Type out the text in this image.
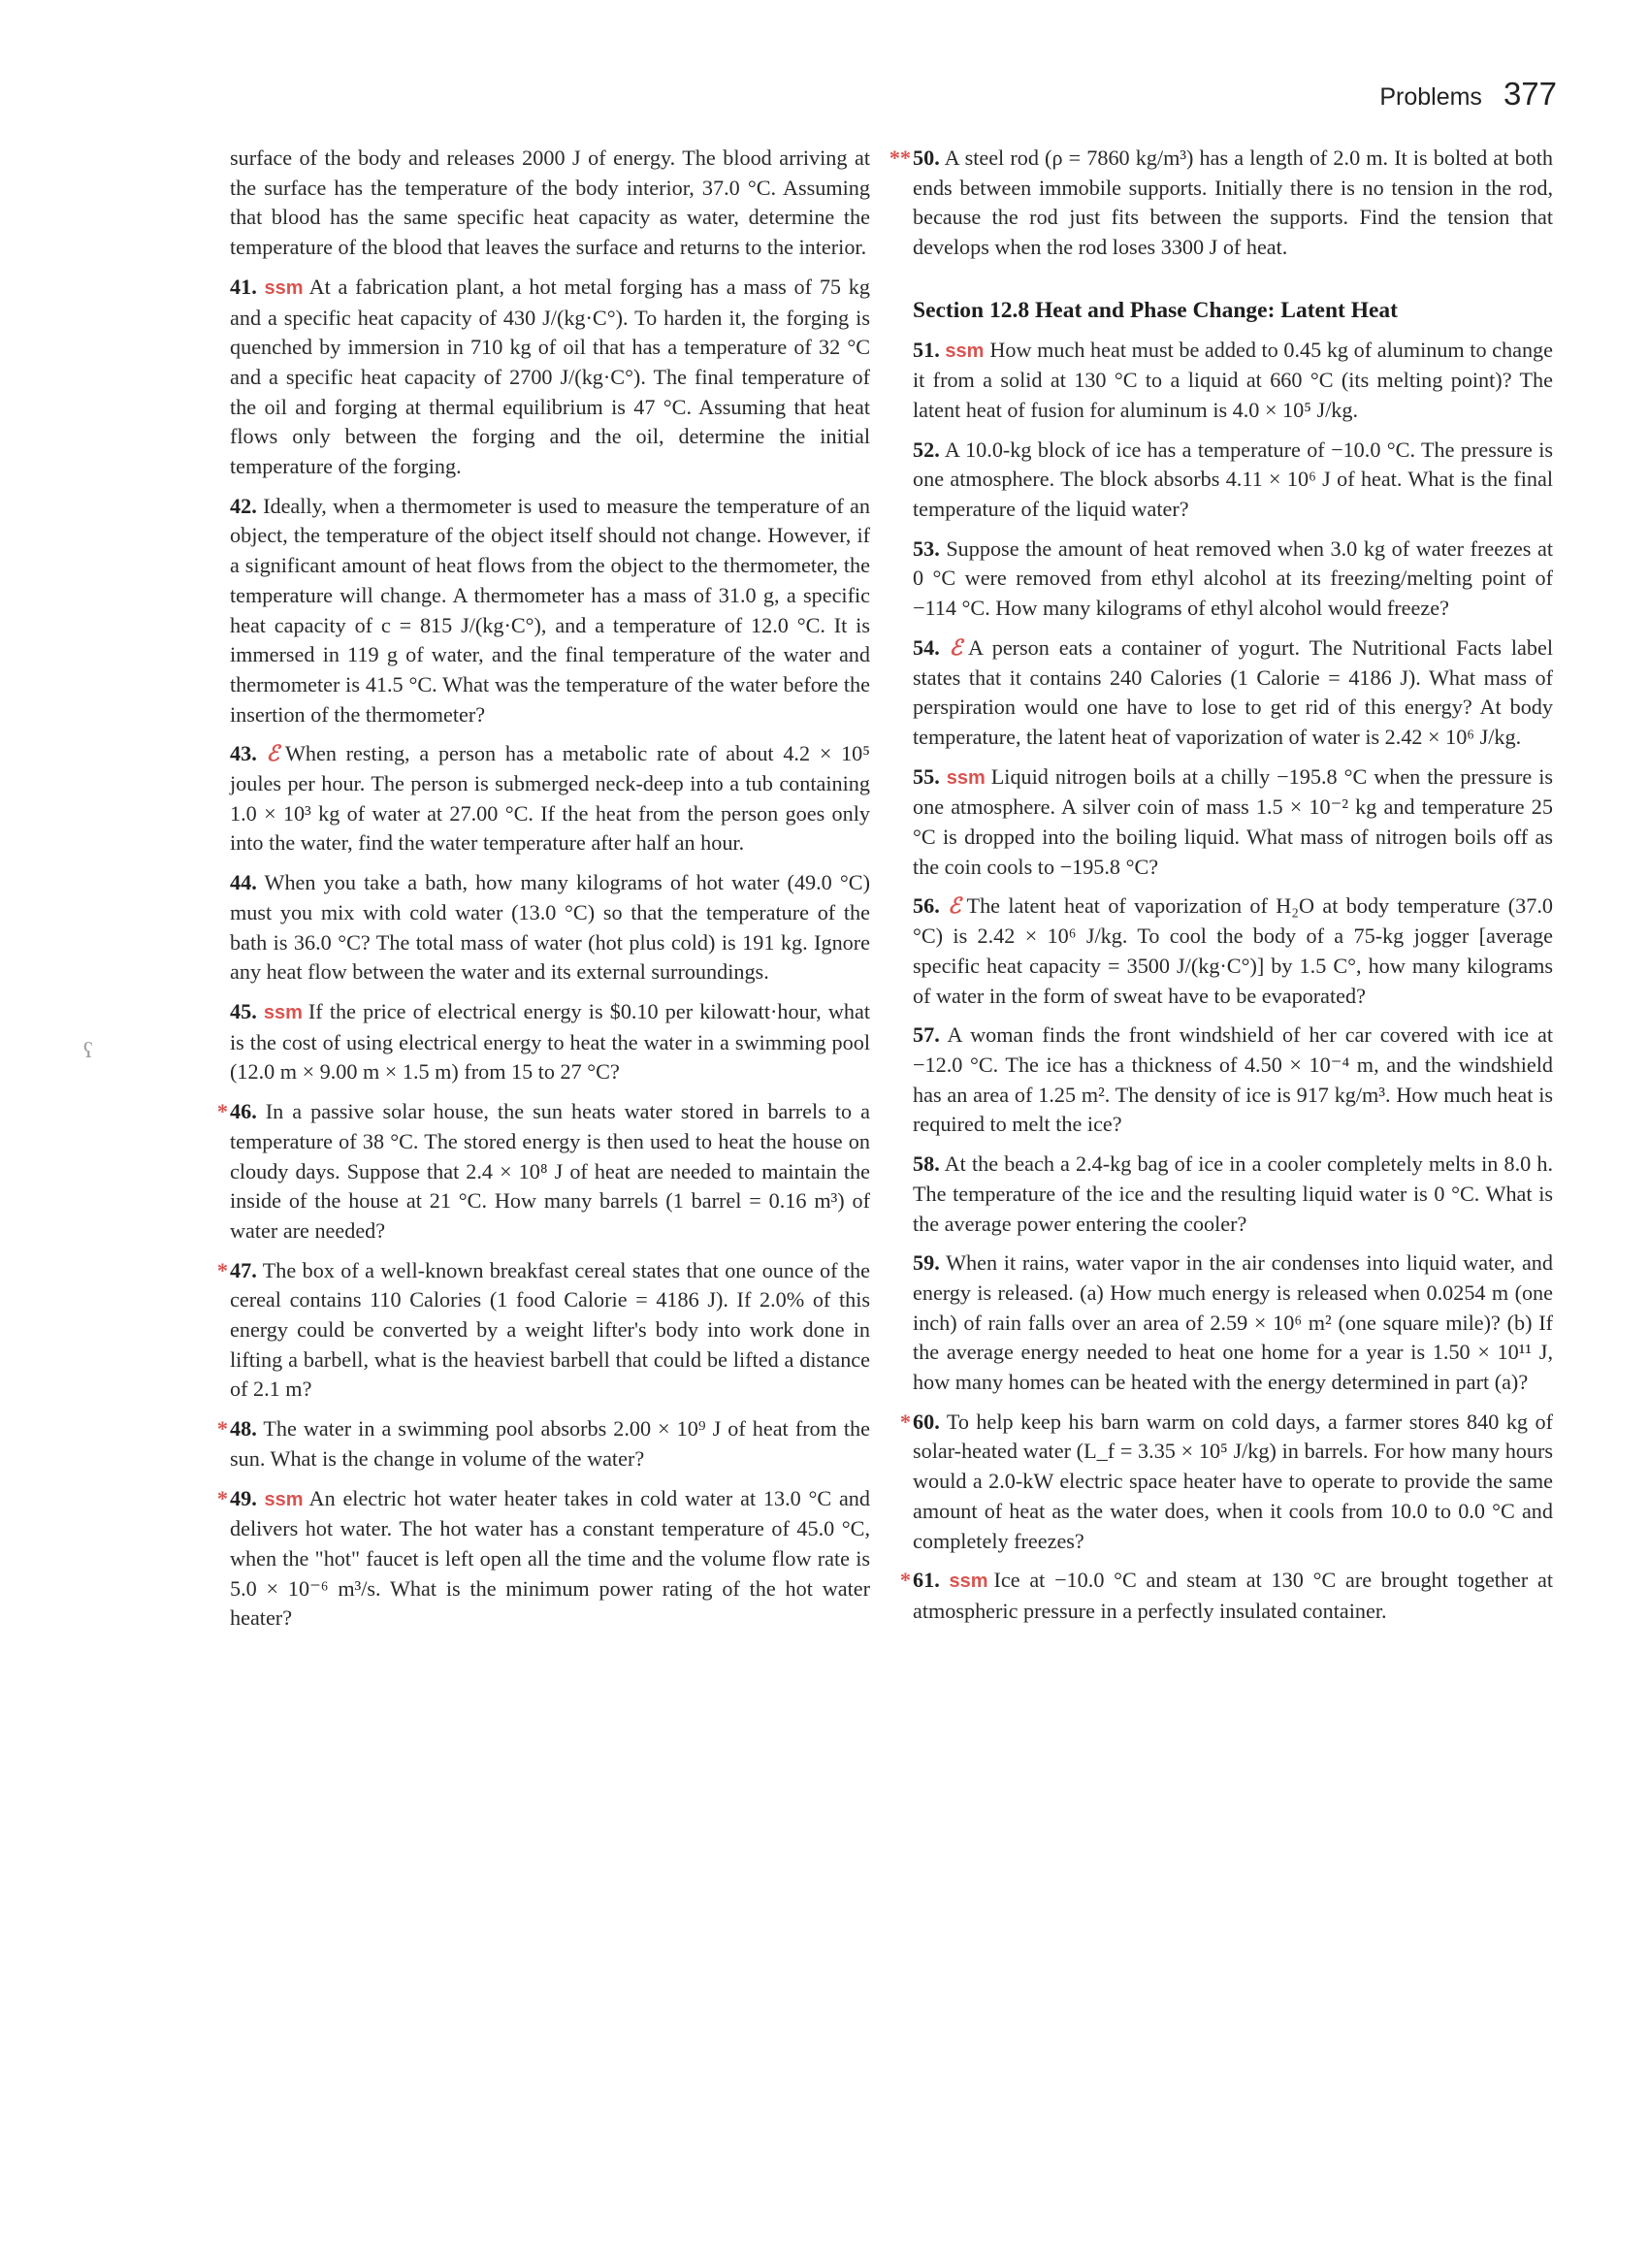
Problems 377
surface of the body and releases 2000 J of energy. The blood arriving at the surface has the temperature of the body interior, 37.0 °C. Assuming that blood has the same specific heat capacity as water, determine the temperature of the blood that leaves the surface and returns to the interior.
41. ssm At a fabrication plant, a hot metal forging has a mass of 75 kg and a specific heat capacity of 430 J/(kg·C°). To harden it, the forging is quenched by immersion in 710 kg of oil that has a temperature of 32 °C and a specific heat capacity of 2700 J/(kg·C°). The final temperature of the oil and forging at thermal equilibrium is 47 °C. Assuming that heat flows only between the forging and the oil, determine the initial temperature of the forging.
42. Ideally, when a thermometer is used to measure the temperature of an object, the temperature of the object itself should not change. However, if a significant amount of heat flows from the object to the thermometer, the temperature will change. A thermometer has a mass of 31.0 g, a specific heat capacity of c = 815 J/(kg·C°), and a temperature of 12.0 °C. It is immersed in 119 g of water, and the final temperature of the water and thermometer is 41.5 °C. What was the temperature of the water before the insertion of the thermometer?
43. ℰ When resting, a person has a metabolic rate of about 4.2 × 10⁵ joules per hour. The person is submerged neck-deep into a tub containing 1.0 × 10³ kg of water at 27.00 °C. If the heat from the person goes only into the water, find the water temperature after half an hour.
44. When you take a bath, how many kilograms of hot water (49.0 °C) must you mix with cold water (13.0 °C) so that the temperature of the bath is 36.0 °C? The total mass of water (hot plus cold) is 191 kg. Ignore any heat flow between the water and its external surroundings.
45. ssm If the price of electrical energy is $0.10 per kilowatt·hour, what is the cost of using electrical energy to heat the water in a swimming pool (12.0 m × 9.00 m × 1.5 m) from 15 to 27 °C?
* 46. In a passive solar house, the sun heats water stored in barrels to a temperature of 38 °C. The stored energy is then used to heat the house on cloudy days. Suppose that 2.4 × 10⁸ J of heat are needed to maintain the inside of the house at 21 °C. How many barrels (1 barrel = 0.16 m³) of water are needed?
* 47. The box of a well-known breakfast cereal states that one ounce of the cereal contains 110 Calories (1 food Calorie = 4186 J). If 2.0% of this energy could be converted by a weight lifter's body into work done in lifting a barbell, what is the heaviest barbell that could be lifted a distance of 2.1 m?
* 48. The water in a swimming pool absorbs 2.00 × 10⁹ J of heat from the sun. What is the change in volume of the water?
* 49. ssm An electric hot water heater takes in cold water at 13.0 °C and delivers hot water. The hot water has a constant temperature of 45.0 °C, when the "hot" faucet is left open all the time and the volume flow rate is 5.0 × 10⁻⁶ m³/s. What is the minimum power rating of the hot water heater?
** 50. A steel rod (ρ = 7860 kg/m³) has a length of 2.0 m. It is bolted at both ends between immobile supports. Initially there is no tension in the rod, because the rod just fits between the supports. Find the tension that develops when the rod loses 3300 J of heat.
Section 12.8 Heat and Phase Change: Latent Heat
51. ssm How much heat must be added to 0.45 kg of aluminum to change it from a solid at 130 °C to a liquid at 660 °C (its melting point)? The latent heat of fusion for aluminum is 4.0 × 10⁵ J/kg.
52. A 10.0-kg block of ice has a temperature of −10.0 °C. The pressure is one atmosphere. The block absorbs 4.11 × 10⁶ J of heat. What is the final temperature of the liquid water?
53. Suppose the amount of heat removed when 3.0 kg of water freezes at 0 °C were removed from ethyl alcohol at its freezing/melting point of −114 °C. How many kilograms of ethyl alcohol would freeze?
54. ℰ A person eats a container of yogurt. The Nutritional Facts label states that it contains 240 Calories (1 Calorie = 4186 J). What mass of perspiration would one have to lose to get rid of this energy? At body temperature, the latent heat of vaporization of water is 2.42 × 10⁶ J/kg.
55. ssm Liquid nitrogen boils at a chilly −195.8 °C when the pressure is one atmosphere. A silver coin of mass 1.5 × 10⁻² kg and temperature 25 °C is dropped into the boiling liquid. What mass of nitrogen boils off as the coin cools to −195.8 °C?
56. ℰ The latent heat of vaporization of H₂O at body temperature (37.0 °C) is 2.42 × 10⁶ J/kg. To cool the body of a 75-kg jogger [average specific heat capacity = 3500 J/(kg·C°)] by 1.5 C°, how many kilograms of water in the form of sweat have to be evaporated?
57. A woman finds the front windshield of her car covered with ice at −12.0 °C. The ice has a thickness of 4.50 × 10⁻⁴ m, and the windshield has an area of 1.25 m². The density of ice is 917 kg/m³. How much heat is required to melt the ice?
58. At the beach a 2.4-kg bag of ice in a cooler completely melts in 8.0 h. The temperature of the ice and the resulting liquid water is 0 °C. What is the average power entering the cooler?
59. When it rains, water vapor in the air condenses into liquid water, and energy is released. (a) How much energy is released when 0.0254 m (one inch) of rain falls over an area of 2.59 × 10⁶ m² (one square mile)? (b) If the average energy needed to heat one home for a year is 1.50 × 10¹¹ J, how many homes can be heated with the energy determined in part (a)?
* 60. To help keep his barn warm on cold days, a farmer stores 840 kg of solar-heated water (L_f = 3.35 × 10⁵ J/kg) in barrels. For how many hours would a 2.0-kW electric space heater have to operate to provide the same amount of heat as the water does, when it cools from 10.0 to 0.0 °C and completely freezes?
* 61. ssm Ice at −10.0 °C and steam at 130 °C are brought together at atmospheric pressure in a perfectly insulated container.
ʕ
